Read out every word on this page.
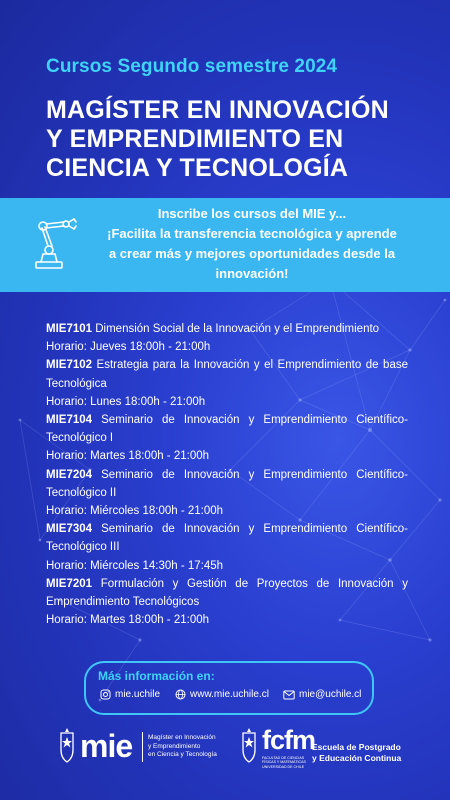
Cursos Segundo semestre 2024
MAGÍSTER EN INNOVACIÓN
Y EMPRENDIMIENTO EN
CIENCIA Y TECNOLOGÍA
Inscribe los cursos del MIE y...
¡Facilita la transferencia tecnológica y aprende
a crear más y mejores oportunidades desde la
innovación!

MIE7101 Dimensión Social de la Innovación y el Emprendimiento

Horario: Jueves 18:00h - 21:00h

MIE7102 Estrategia para la Innovación y el Emprendimiento de base Tecnológica

Horario: Lunes 18:00h - 21:00h

MIE7104 Seminario de Innovación y Emprendimiento Científico-Tecnológico I

Horario: Martes 18:00h - 21:00h

MIE7204 Seminario de Innovación y Emprendimiento Científico-Tecnológico II

Horario: Miércoles 18:00h - 21:00h

MIE7304 Seminario de Innovación y Emprendimiento Científico-Tecnológico III

Horario: Miércoles 14:30h - 17:45h

MIE7201 Formulación y Gestión de Proyectos de Innovación y Emprendimiento Tecnológicos

Horario: Martes 18:00h - 21:00h

Más información en:
mie.uchile	www.mie.uchile.cl	mie@uchile.cl
mie Magíster en Innovación
y Emprendimiento
en Ciencia y Tecnología	fcfm
FACULTAD DE CIENCIAS
FÍSICAS Y MATEMÁTICAS
UNIVERSIDAD DE CHILE
Escuela de Postgrado
y Educación Continua
